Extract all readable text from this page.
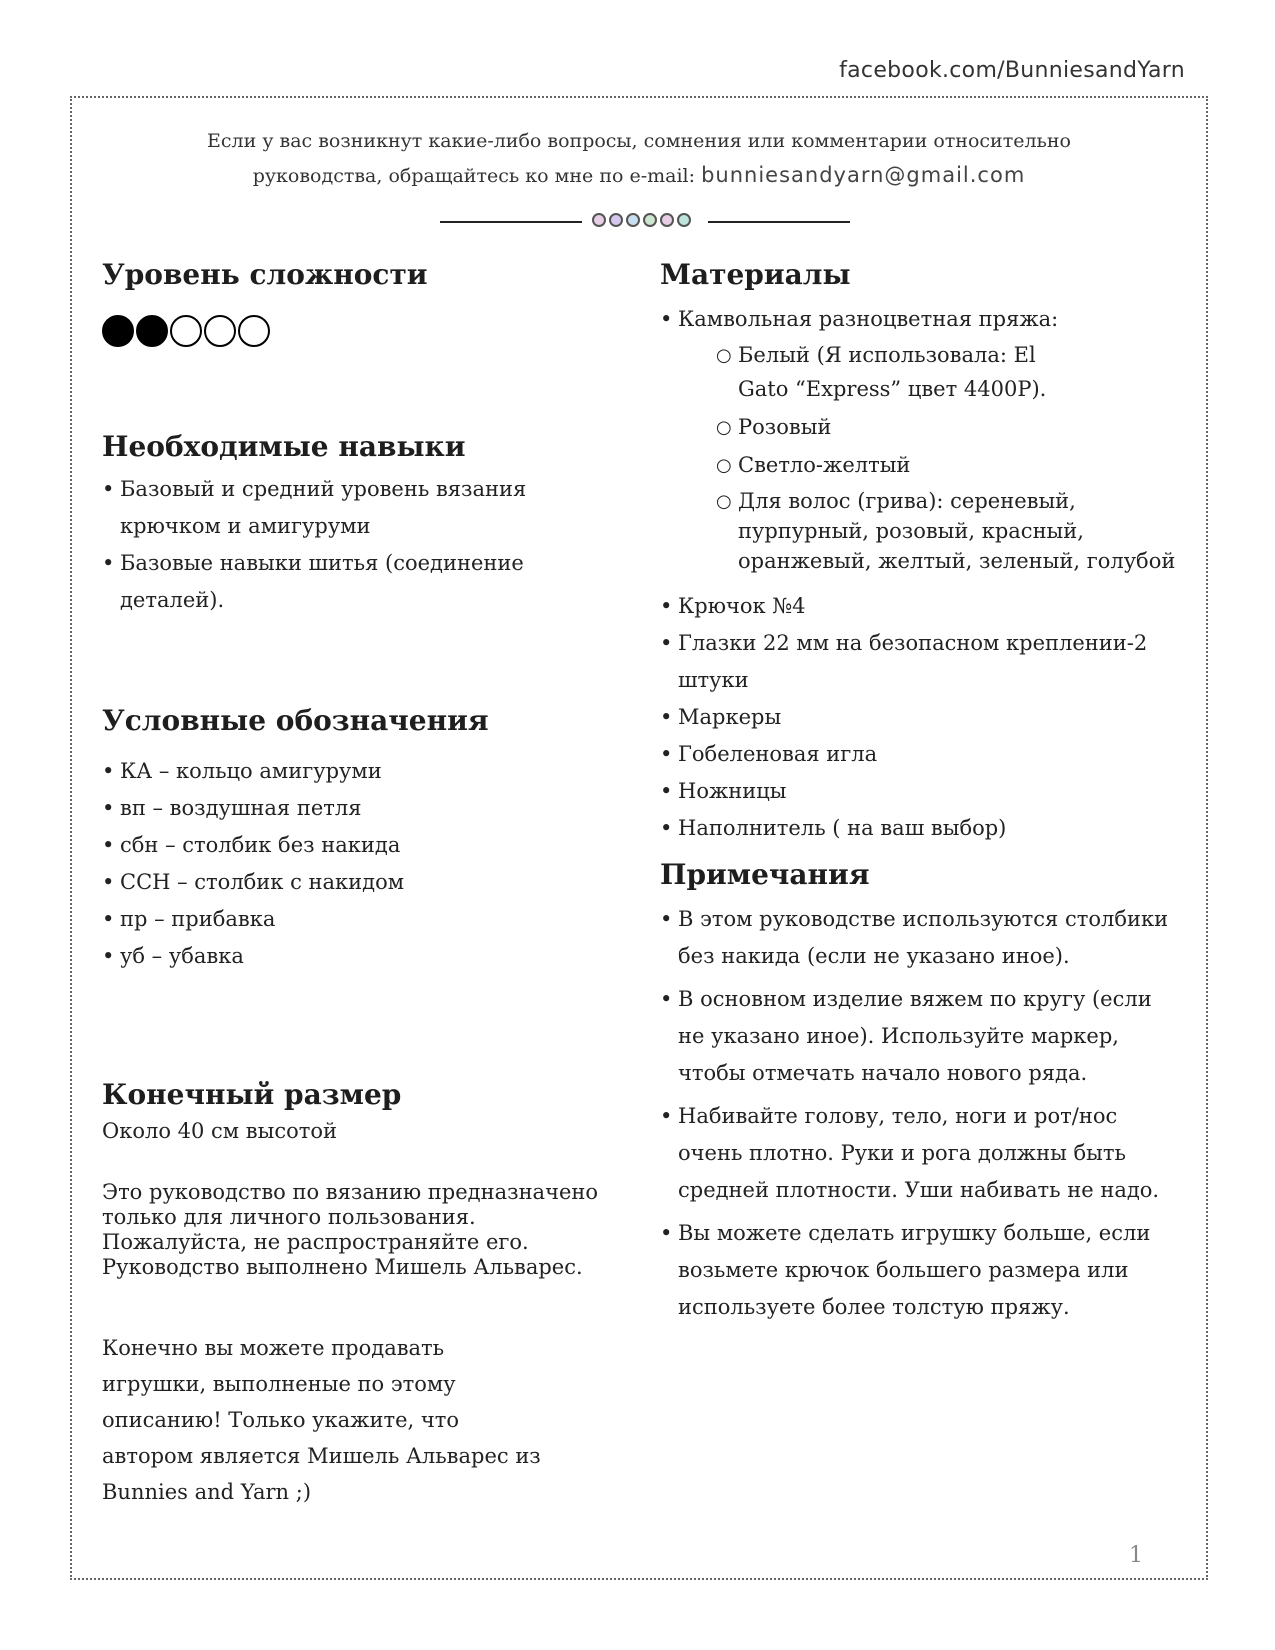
facebook.com/BunniesandYarn
Если у вас возникнут какие-либо вопросы, сомнения или комментарии относительно
руководства, обращайтесь ко мне по e-mail: bunniesandyarn@gmail.com
Уровень сложности
Необходимые навыки
• Базовый и средний уровень вязания крючком и амигуруми
• Базовые навыки шитья (соединение деталей).
Условные обозначения
• КА – кольцо амигуруми
• вп – воздушная петля
• сбн – столбик без накида
• ССН – столбик с накидом
• пр – прибавка
• уб – убавка
Конечный размер

Около 40 см высотой

Это руководство по вязанию предназначено только для личного пользования. Пожалуйста, не распространяйте его. Руководство выполнено Мишель Альварес.

Конечно вы можете продавать игрушки, выполненые по этому описанию! Только укажите, что автором является Мишель Альварес из Bunnies and Yarn ;)

Материалы
• Камвольная разноцветная пряжа:
○ Белый (Я использовала: El Gato “Express” цвет 4400P).
○ Розовый
○ Светло-желтый
○ Для волос (грива): сереневый, пурпурный, розовый, красный, оранжевый, желтый, зеленый, голубой
• Крючок №4
• Глазки 22 мм на безопасном креплении-2 штуки
• Маркеры
• Гобеленовая игла
• Ножницы
• Наполнитель ( на ваш выбор)
Примечания
• В этом руководстве используются столбики без накида (если не указано иное).
• В основном изделие вяжем по кругу (если не указано иное). Используйте маркер, чтобы отмечать начало нового ряда.
• Набивайте голову, тело, ноги и рот/нос очень плотно. Руки и рога должны быть средней плотности. Уши набивать не надо.
• Вы можете сделать игрушку больше, если возьмете крючок большего размера или используете более толстую пряжу.
1
